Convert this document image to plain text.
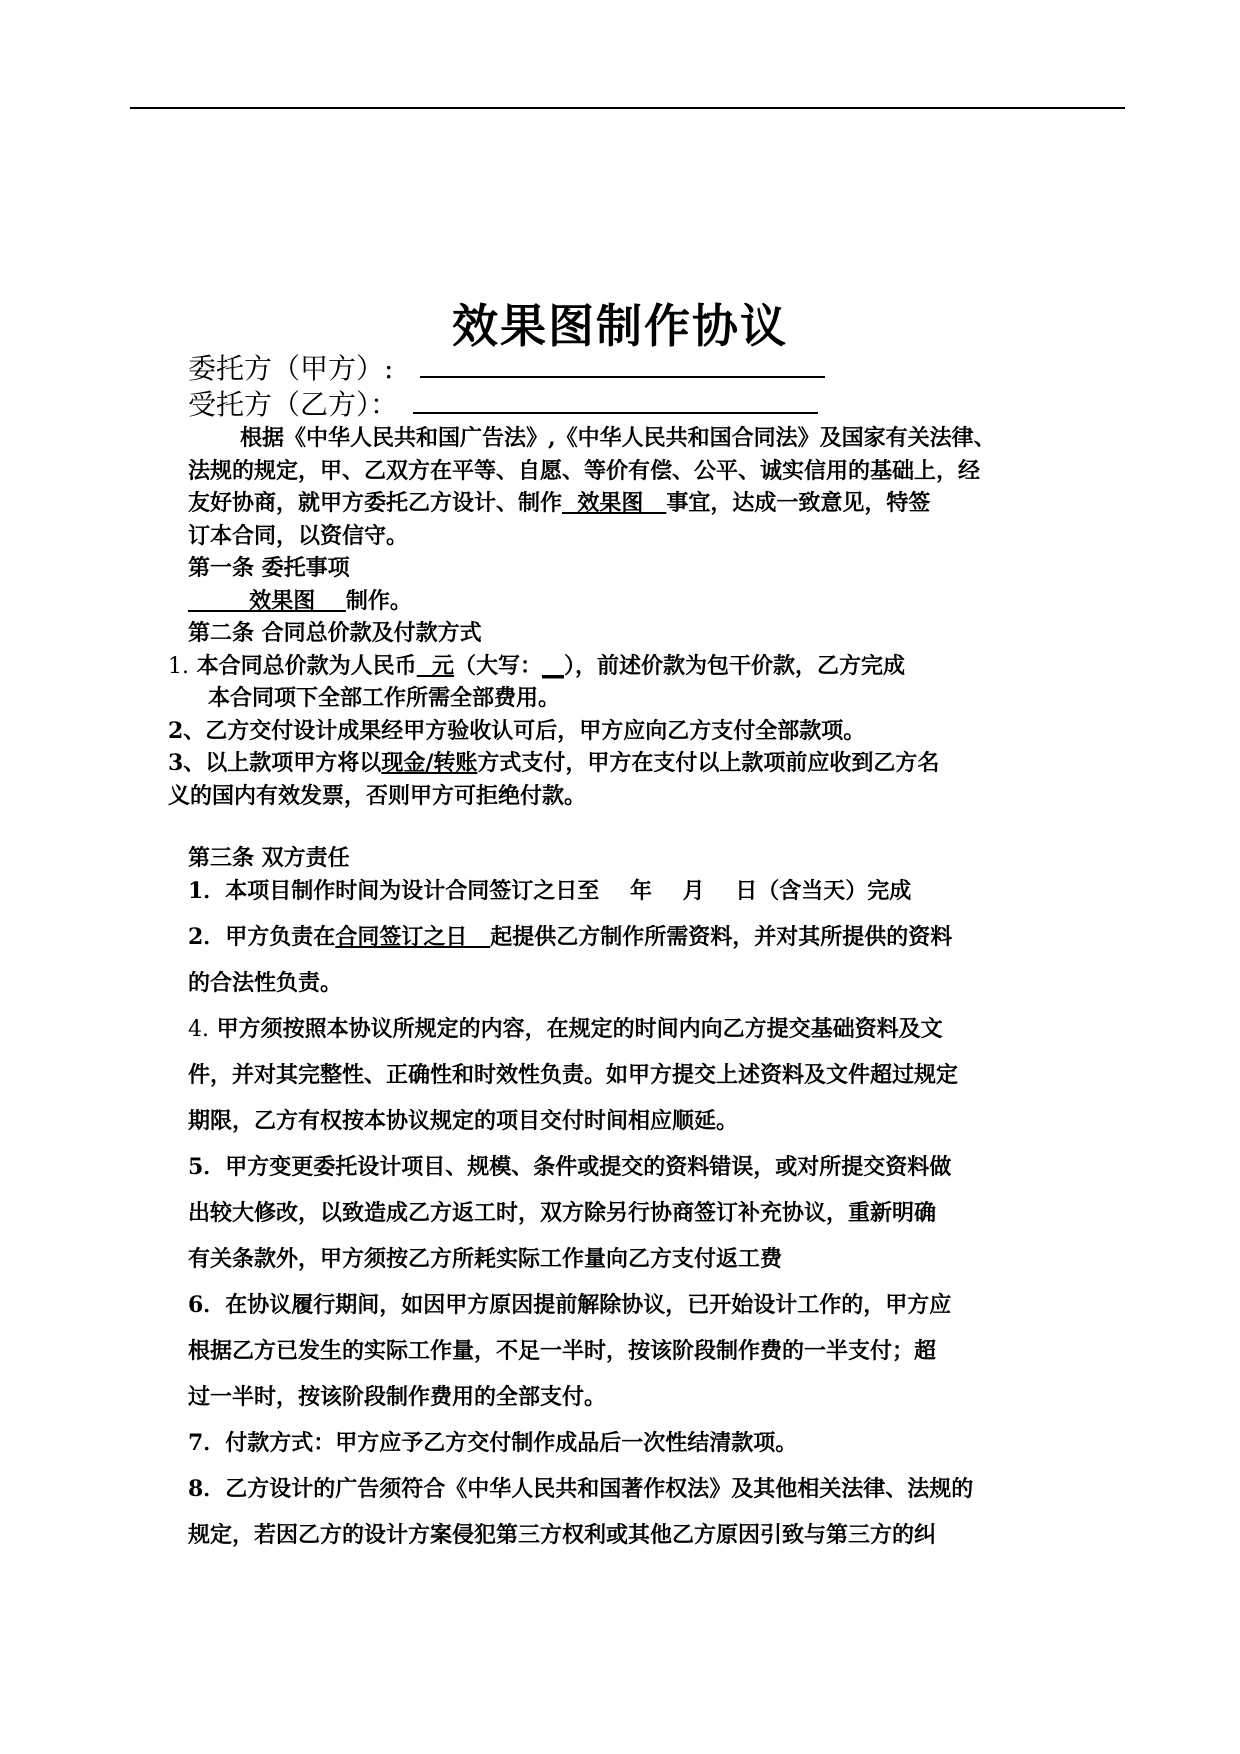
效果图制作协议
委托方（甲方）:
受托方（乙方）：
根据《中华人民共和国广告法》,《中华人民共和国合同法》及国家有关法律、
法规的规定，甲、乙双方在平等、自愿、等价有偿、公平、诚实信用的基础上，经
友好协商，就甲方委托乙方设计、制作  效果图   事宜，达成一致意见，特签
订本合同，以资信守。
第一条 委托事项
效果图    制作。
第二条 合同总价款及付款方式
1. 本合同总价款为人民币  元（大写：__），前述价款为包干价款，乙方完成
本合同项下全部工作所需全部费用。
2、乙方交付设计成果经甲方验收认可后，甲方应向乙方支付全部款项。
3、以上款项甲方将以现金/转账方式支付，甲方在支付以上款项前应收到乙方名
义的国内有效发票，否则甲方可拒绝付款。
第三条 双方责任
1．本项目制作时间为设计合同签订之日至    年    月    日（含当天）完成
2．甲方负责在合同签订之日   起提供乙方制作所需资料，并对其所提供的资料
的合法性负责。
4. 甲方须按照本协议所规定的内容，在规定的时间内向乙方提交基础资料及文
件，并对其完整性、正确性和时效性负责。如甲方提交上述资料及文件超过规定
期限，乙方有权按本协议规定的项目交付时间相应顺延。
5．甲方变更委托设计项目、规模、条件或提交的资料错误，或对所提交资料做
出较大修改，以致造成乙方返工时，双方除另行协商签订补充协议，重新明确
有关条款外，甲方须按乙方所耗实际工作量向乙方支付返工费
6．在协议履行期间，如因甲方原因提前解除协议，已开始设计工作的，甲方应
根据乙方已发生的实际工作量，不足一半时，按该阶段制作费的一半支付；超
过一半时，按该阶段制作费用的全部支付。
7．付款方式：甲方应予乙方交付制作成品后一次性结清款项。
8．乙方设计的广告须符合《中华人民共和国著作权法》及其他相关法律、法规的
规定，若因乙方的设计方案侵犯第三方权利或其他乙方原因引致与第三方的纠
